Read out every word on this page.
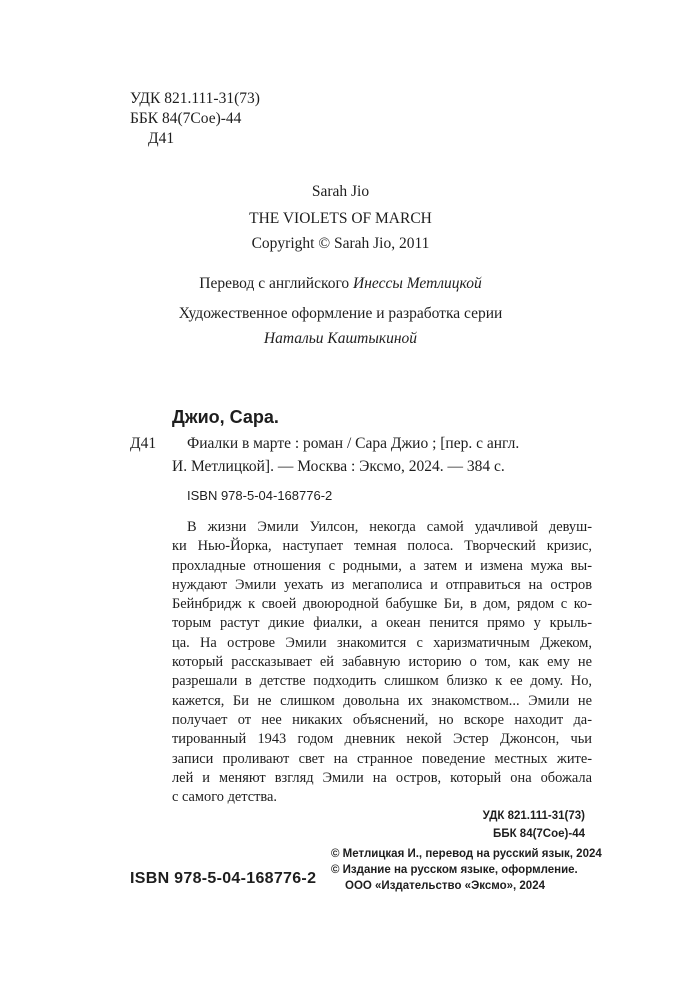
УДК 821.111-31(73)
ББК 84(7Сое)-44
Д41
Sarah Jio
THE VIOLETS OF MARCH
Copyright © Sarah Jio, 2011
Перевод с английского Инессы Метлицкой
Художественное оформление и разработка серии
Натальи Каштыкиной
Джио, Сара.
Д41 Фиалки в марте : роман / Сара Джио ; [пер. с англ.
И. Метлицкой]. — Москва : Эксмо, 2024. — 384 с.
ISBN 978-5-04-168776-2
В жизни Эмили Уилсон, некогда самой удачливой девуш-
ки Нью-Йорка, наступает темная полоса. Творческий кризис,
прохладные отношения с родными, а затем и измена мужа вы-
нуждают Эмили уехать из мегаполиса и отправиться на остров
Бейнбридж к своей двоюродной бабушке Би, в дом, рядом с ко-
торым растут дикие фиалки, а океан пенится прямо у крыль-
ца. На острове Эмили знакомится с харизматичным Джеком,
который рассказывает ей забавную историю о том, как ему не
разрешали в детстве подходить слишком близко к ее дому. Но,
кажется, Би не слишком довольна их знакомством... Эмили не
получает от нее никаких объяснений, но вскоре находит да-
тированный 1943 годом дневник некой Эстер Джонсон, чьи
записи проливают свет на странное поведение местных жите-
лей и меняют взгляд Эмили на остров, который она обожала
с самого детства.
УДК 821.111-31(73)
ББК 84(7Сое)-44
ISBN 978-5-04-168776-2
© Метлицкая И., перевод на русский язык, 2024
© Издание на русском языке, оформление.
ООО «Издательство «Эксмо», 2024
